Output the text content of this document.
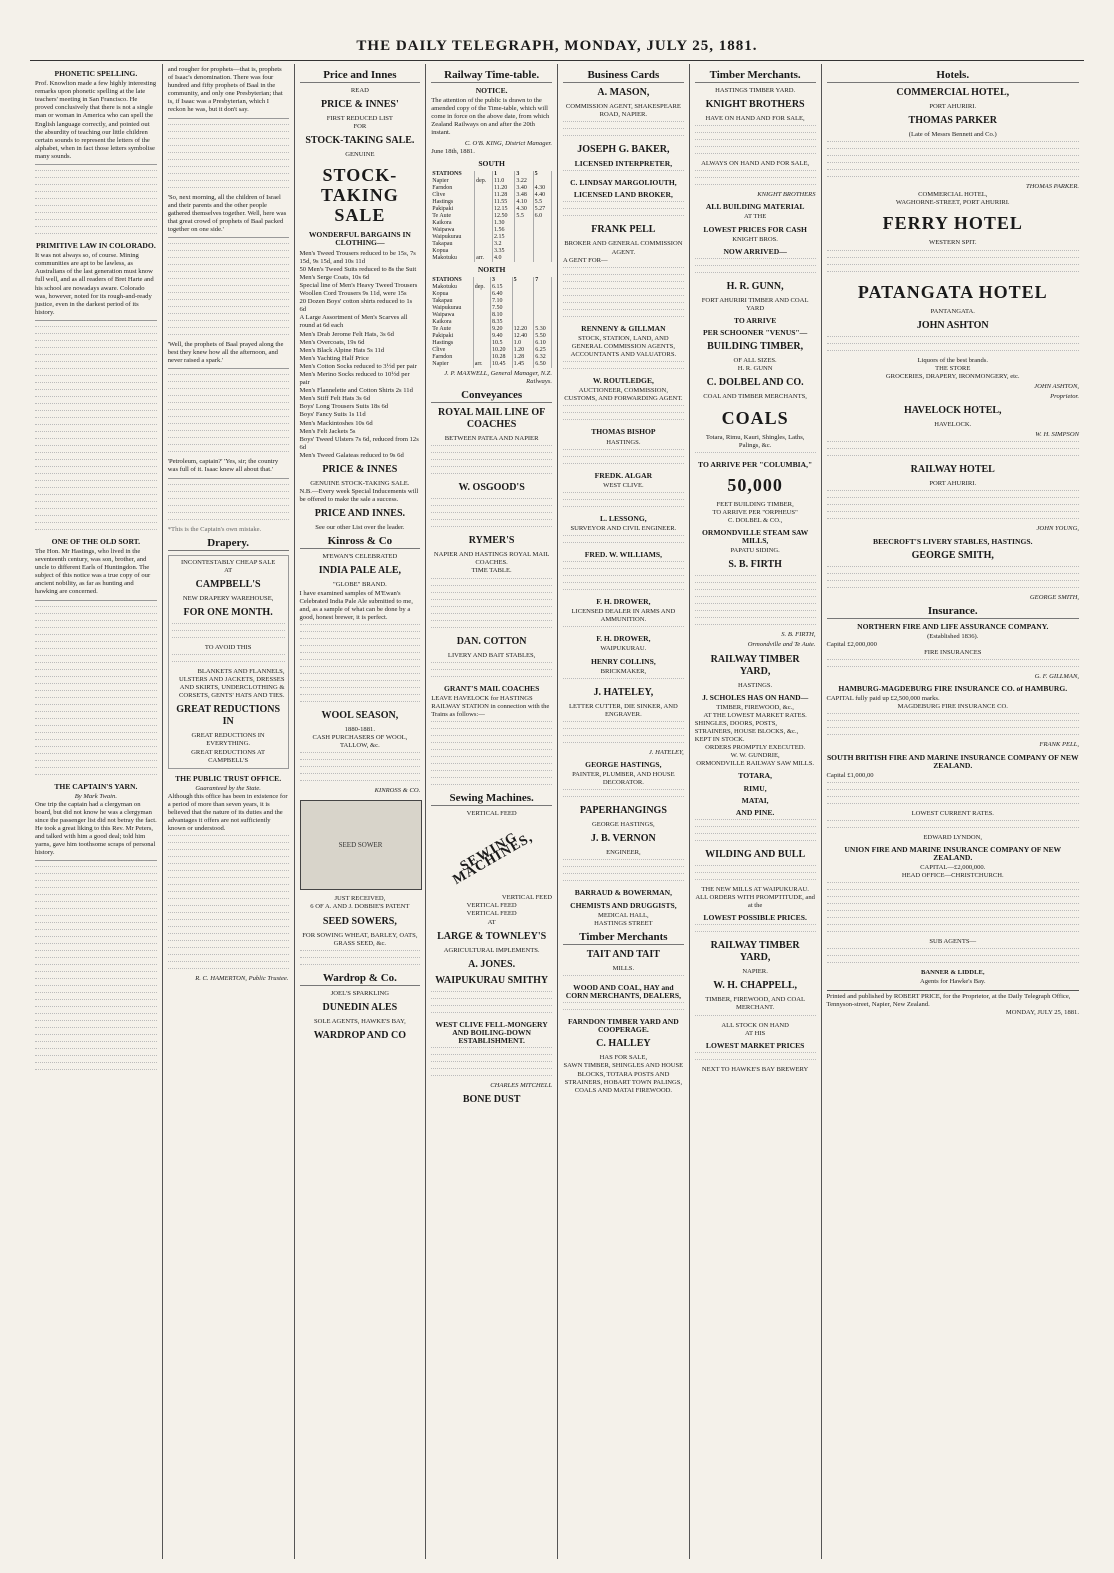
THE DAILY TELEGRAPH, MONDAY, JULY 25, 1881.
PHONETIC SPELLING.
Prof. Knowlton made a few highly interesting remarks upon phonetic spelling at the late teachers' meeting in San Francisco. He proved conclusively that there is not a single man or woman in America who can spell the English language correctly, and pointed out the absurdity of teaching our little children certain sounds to represent the letters of the alphabet, when in fact those letters symbolise many sounds.
PRIMITIVE LAW IN COLORADO.
It was not always so, of course. Mining communities are apt to be lawless, as Australians of the last generation must know full well, and as all readers of Bret Harte and his school are nowadays aware. Colorado was, however, noted for its rough-and-ready justice, even in the darkest period of its history.
ONE OF THE OLD SORT.
The Hon. Mr Hastings, who lived in the seventeenth century, was son, brother, and uncle to different Earls of Huntingdon. The subject of this notice was a true copy of our ancient nobility, as far as hunting and hawking are concerned.
THE CAPTAIN'S YARN.
By Mark Twain.
One trip the captain had a clergyman on board, but did not know he was a clergyman since the passenger list did not betray the fact. He took a great liking to this Rev. Mr Peters, and talked with him a good deal; told him yarns, gave him toothsome scraps of personal history.
and rougher for prophets—that is, prophets of Isaac's denomination. There was four hundred and fifty prophets of Baal in the community, and only one Presbyterian; that is, if Isaac was a Presbyterian, which I reckon he was, but it don't say.
'So, next morning, all the children of Israel and their parents and the other people gathered themselves together. Well, here was that great crowd of prophets of Baal packed together on one side.'
'Well, the prophets of Baal prayed along the best they knew how all the afternoon, and never raised a spark.'
'Petroleum, captain?' 'Yes, sir; the country was full of it. Isaac knew all about that.'
*This is the Captain's own mistake.
Drapery.
INCONTESTABLY CHEAP SALE
AT
CAMPBELL'S
NEW DRAPERY WAREHOUSE,
FOR ONE MONTH.
TO AVOID THIS
BLANKETS AND FLANNELS, ULSTERS AND JACKETS, DRESSES AND SKIRTS, UNDERCLOTHING & CORSETS, GENTS' HATS AND TIES.
GREAT REDUCTIONS IN
GREAT REDUCTIONS IN EVERYTHING.
GREAT REDUCTIONS AT CAMPBELL'S
THE PUBLIC TRUST OFFICE.
Guaranteed by the State.
Although this office has been in existence for a period of more than seven years, it is believed that the nature of its duties and the advantages it offers are not sufficiently known or understood.
R. C. HAMERTON, Public Trustee.
Price and Innes
READ
PRICE & INNES'
FIRST REDUCED LIST
FOR
STOCK-TAKING SALE.
GENUINE
STOCK-TAKING SALE
WONDERFUL BARGAINS IN CLOTHING—
Men's Tweed Trousers reduced to be 15s, 7s 15d, 9s 15d, and 10s 11d
50 Men's Tweed Suits reduced to 8s the Suit
Men's Serge Coats, 10s 6d
Special line of Men's Heavy Tweed Trousers
Woollen Cord Trousers 9s 11d, were 15s
20 Dozen Boys' cotton shirts reduced to 1s 6d
A Large Assortment of Men's Scarves all round at 6d each
Men's Drab Jerome Felt Hats, 3s 6d
Men's Overcoats, 19s 6d
Men's Black Alpine Hats 5s 11d
Men's Yachting Half Price
Men's Cotton Socks reduced to 3½d per pair
Men's Merino Socks reduced to 10½d per pair
Men's Flannelette and Cotton Shirts 2s 11d
Men's Stiff Felt Hats 3s 6d
Boys' Long Trousers Suits 18s 6d
Boys' Fancy Suits 1s 11d
Men's Mackintoshes 10s 6d
Men's Felt Jackets 5s
Boys' Tweed Ulsters 7s 6d, reduced from 12s 6d
Men's Tweed Galateas reduced to 9s 6d
PRICE & INNES
GENUINE STOCK-TAKING SALE.
N.B.—Every week Special Inducements will be offered to make the sale a success.
PRICE AND INNES.
See our other List over the leader.
Kinross & Co
M'EWAN'S CELEBRATED
INDIA PALE ALE,
"GLOBE" BRAND.
I have examined samples of M'Ewan's Celebrated India Pale Ale submitted to me, and, as a sample of what can be done by a good, honest brewer, it is perfect.
WOOL SEASON,
1880-1881.
CASH PURCHASERS OF WOOL, TALLOW, &c.
KINROSS & CO.
SEED SOWER
JUST RECEIVED,
6 OF A. AND J. DOBBIE'S PATENT
SEED SOWERS,
FOR SOWING WHEAT, BARLEY, OATS, GRASS SEED, &c.
Wardrop & Co.
JOEL'S SPARKLING
DUNEDIN ALES
SOLE AGENTS, HAWKE'S BAY,
WARDROP AND CO
Railway Time-table.
NOTICE.
The attention of the public is drawn to the amended copy of the Time-table, which will come in force on the above date, from which Zealand Railways on and after the 20th instant.
C. O'B. KING, District Manager.
June 18th, 1881.
SOUTH
STATIONS		1	3	5
Napier	dep.	11.0	3.22	
Farndon		11.20	3.40	4.30
Clive		11.28	3.48	4.40
Hastings		11.55	4.10	5.5
Pakipaki		12.15	4.30	5.27
Te Aute		12.50	5.5	6.0
Kaikora		1.30		
Waipawa		1.56		
Waipukurau		2.15		
Takapau		3.2		
Kopua		3.35		
Makotuku	arr.	4.0		
NORTH
STATIONS		3	5	7
Makotuku	dep.	6.15		
Kopua		6.40		
Takapau		7.10		
Waipukurau		7.50		
Waipawa		8.10		
Kaikora		8.35		
Te Aute		9.20	12.20	5.30
Pakipaki		9.40	12.40	5.50
Hastings		10.5	1.0	6.10
Clive		10.20	1.20	6.25
Farndon		10.28	1.28	6.32
Napier	arr.	10.45	1.45	6.50
J. P. MAXWELL, General Manager, N.Z. Railways.
Conveyances
ROYAL MAIL LINE OF COACHES
BETWEEN PATEA AND NAPIER
W. OSGOOD'S
RYMER'S
NAPIER AND HASTINGS ROYAL MAIL COACHES.
TIME TABLE.
DAN. COTTON
LIVERY AND BAIT STABLES,
GRANT'S MAIL COACHES
LEAVE HAVELOCK for HASTINGS RAILWAY STATION in connection with the Trains as follows:—
Sewing Machines.
VERTICAL FEED
SEWING MACHINES,
VERTICAL FEED
VERTICAL FEED
VERTICAL FEED
AT
LARGE & TOWNLEY'S
AGRICULTURAL IMPLEMENTS.
A. JONES.
WAIPUKURAU SMITHY
WEST CLIVE FELL-MONGERY AND BOILING-DOWN ESTABLISHMENT.
CHARLES MITCHELL
BONE DUST
Business Cards
A. MASON,
COMMISSION AGENT, SHAKESPEARE ROAD, NAPIER.
JOSEPH G. BAKER,
LICENSED INTERPRETER,
C. LINDSAY MARGOLIOUTH,
LICENSED LAND BROKER,
FRANK PELL
BROKER AND GENERAL COMMISSION AGENT.
A GENT FOR—
RENNENY & GILLMAN
STOCK, STATION, LAND, AND GENERAL COMMISSION AGENTS, ACCOUNTANTS AND VALUATORS.
W. ROUTLEDGE,
AUCTIONEER, COMMISSION, CUSTOMS, AND FORWARDING AGENT.
THOMAS BISHOP
HASTINGS.
FREDK. ALGAR
WEST CLIVE.
L. LESSONG,
SURVEYOR AND CIVIL ENGINEER.
FRED. W. WILLIAMS,
F. H. DROWER,
LICENSED DEALER IN ARMS AND AMMUNITION.
F. H. DROWER,
WAIPUKURAU.
HENRY COLLINS,
BRICKMAKER,
J. HATELEY,
LETTER CUTTER, DIE SINKER, AND ENGRAVER.
J. HATELEY,
GEORGE HASTINGS,
PAINTER, PLUMBER, AND HOUSE DECORATOR.
PAPERHANGINGS
GEORGE HASTINGS,
J. B. VERNON
ENGINEER,
BARRAUD & BOWERMAN,
CHEMISTS AND DRUGGISTS,
MEDICAL HALL,
HASTINGS STREET
Timber Merchants
TAIT AND TAIT
MILLS.
WOOD AND COAL, HAY and CORN MERCHANTS, DEALERS,
FARNDON TIMBER YARD AND COOPERAGE.
C. HALLEY
HAS FOR SALE,
SAWN TIMBER, SHINGLES AND HOUSE BLOCKS, TOTARA POSTS AND STRAINERS, HOBART TOWN PALINGS, COALS AND MATAI FIREWOOD.
Timber Merchants.
HASTINGS TIMBER YARD.
KNIGHT BROTHERS
HAVE ON HAND AND FOR SALE,
ALWAYS ON HAND AND FOR SALE,
KNIGHT BROTHERS
ALL BUILDING MATERIAL
AT THE
LOWEST PRICES FOR CASH
KNIGHT BROS.
NOW ARRIVED—
H. R. GUNN,
FORT AHURIRI TIMBER AND COAL YARD
TO ARRIVE
PER SCHOONER "VENUS"—
BUILDING TIMBER,
OF ALL SIZES.
H. R. GUNN
C. DOLBEL AND CO.
COAL AND TIMBER MERCHANTS,
COALS
Totara, Rimu, Kauri, Shingles, Laths, Palings, &c.
TO ARRIVE PER "COLUMBIA,"
50,000
FEET BUILDING TIMBER,
TO ARRIVE PER "ORPHEUS"
C. DOLBEL & CO.,
ORMONDVILLE STEAM SAW MILLS,
PAPATU SIDING.
S. B. FIRTH
S. B. FIRTH,
Ormondville and Te Aute.
RAILWAY TIMBER YARD,
HASTINGS.
J. SCHOLES HAS ON HAND—
TIMBER, FIREWOOD, &c.,
AT THE LOWEST MARKET RATES.
SHINGLES, DOORS, POSTS, STRAINERS, HOUSE BLOCKS, &c., KEPT IN STOCK.
ORDERS PROMPTLY EXECUTED.
W. W. GUNDRIE,
ORMONDVILLE RAILWAY SAW MILLS.
TOTARA,
RIMU,
MATAI,
AND PINE.
WILDING AND BULL
THE NEW MILLS AT WAIPUKURAU.
ALL ORDERS WITH PROMPTITUDE, and at the
LOWEST POSSIBLE PRICES.
RAILWAY TIMBER YARD,
NAPIER.
W. H. CHAPPELL,
TIMBER, FIREWOOD, AND COAL MERCHANT.
ALL STOCK ON HAND
AT HIS
LOWEST MARKET PRICES
NEXT TO HAWKE'S BAY BREWERY
Hotels.
COMMERCIAL HOTEL,
PORT AHURIRI.
THOMAS PARKER
(Late of Messrs Bennett and Co.)
THOMAS PARKER.
COMMERCIAL HOTEL,
WAGHORNE-STREET, PORT AHURIRI.
FERRY HOTEL
WESTERN SPIT.
PATANGATA HOTEL
PANTANGATA.
JOHN ASHTON
Liquors of the best brands.
THE STORE
GROCERIES, DRAPERY, IRONMONGERY, etc.
JOHN ASHTON,
Proprietor.
HAVELOCK HOTEL,
HAVELOCK.
W. H. SIMPSON
RAILWAY HOTEL
PORT AHURIRI.
JOHN YOUNG,
BEECROFT'S LIVERY STABLES, HASTINGS.
GEORGE SMITH,
GEORGE SMITH,
Insurance.
NORTHERN FIRE AND LIFE ASSURANCE COMPANY.
(Established 1836).
Capital £2,000,000
FIRE INSURANCES
G. F. GILLMAN,
HAMBURG-MAGDEBURG FIRE INSURANCE CO. of HAMBURG.
CAPITAL fully paid up £2,500,000 marks.
MAGDEBURG FIRE INSURANCE CO.
FRANK PELL,
SOUTH BRITISH FIRE AND MARINE INSURANCE COMPANY OF NEW ZEALAND.
Capital £1,000,00
LOWEST CURRENT RATES.
EDWARD LYNDON,
UNION FIRE AND MARINE INSURANCE COMPANY OF NEW ZEALAND.
CAPITAL—£2,000,000.
HEAD OFFICE—CHRISTCHURCH.
SUB AGENTS—
BANNER & LIDDLE,
Agents for Hawke's Bay.
Printed and published by ROBERT PRICE, for the Proprietor, at the Daily Telegraph Office, Tennyson-street, Napier, New Zealand.
MONDAY, JULY 25, 1881.
